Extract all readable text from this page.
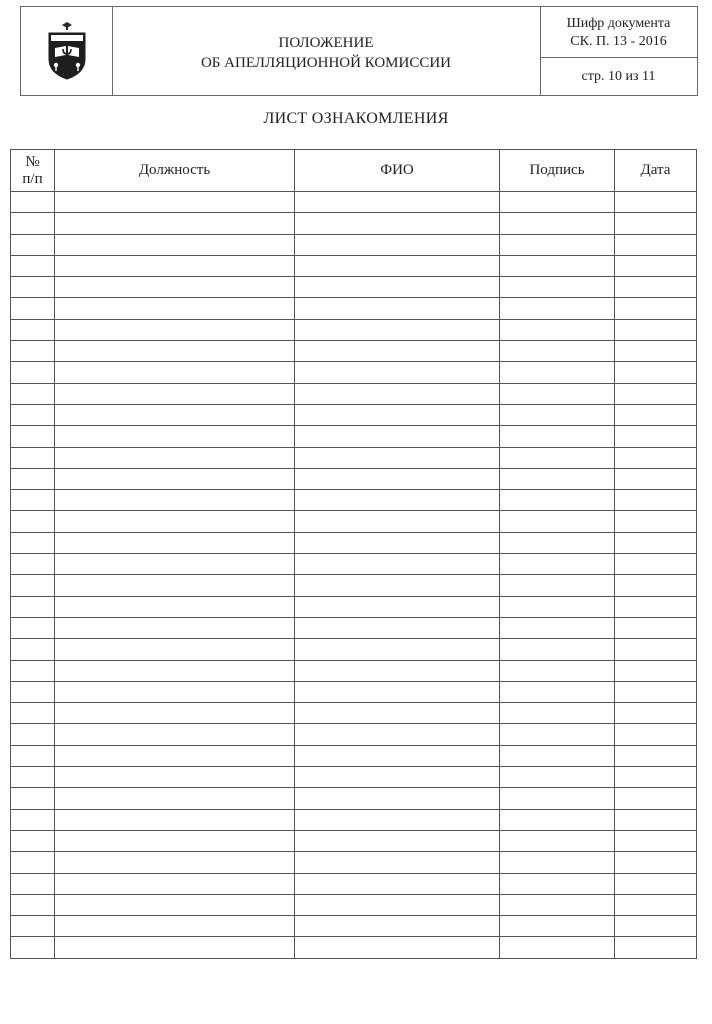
ПОЛОЖЕНИЕ
ОБ АПЕЛЛЯЦИОННОЙ КОМИССИИ
Шифр документа
СК. П. 13 - 2016
стр. 10 из 11
ЛИСТ ОЗНАКОМЛЕНИЯ
№
п/п	Должность	ФИО	Подпись	Дата
